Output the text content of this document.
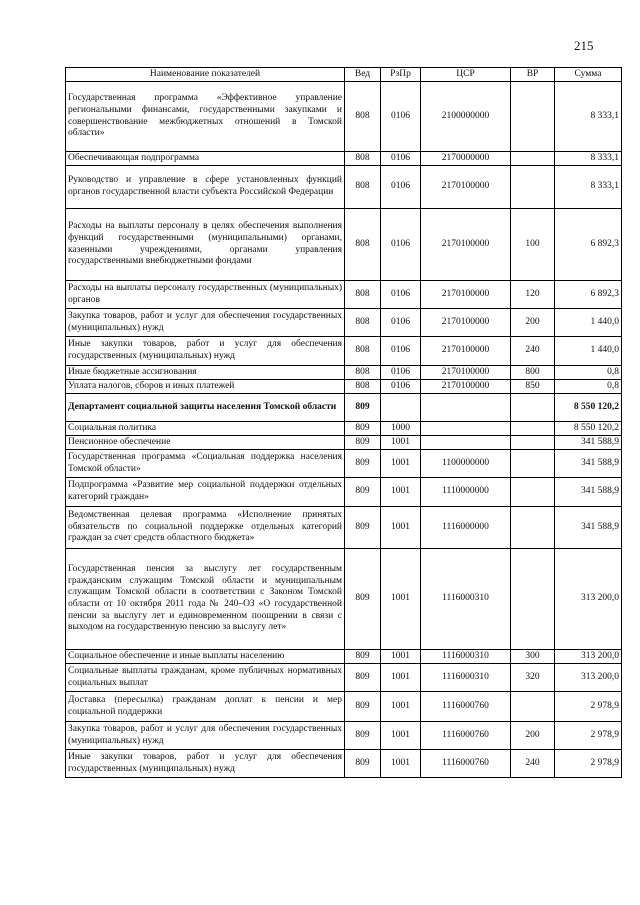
215
Наименование показателей	Вед	РзПр	ЦСР	ВР	Сумма
Государственная программа «Эффективное управление региональными финансами, государственными закупками и совершенствование межбюджетных отношений в Томской области»	808	0106	2100000000		8 333,1
Обеспечивающая подпрограмма	808	0106	2170000000		8 333,1
Руководство и управление в сфере установленных функций органов государственной власти субъекта Российской Федерации	808	0106	2170100000		8 333,1
Расходы на выплаты персоналу в целях обеспечения выполнения функций государственными (муниципальными) органами, казенными учреждениями, органами управления государственными внебюджетными фондами	808	0106	2170100000	100	6 892,3
Расходы на выплаты персоналу государственных (муниципальных) органов	808	0106	2170100000	120	6 892,3
Закупка товаров, работ и услуг для обеспечения государственных (муниципальных) нужд	808	0106	2170100000	200	1 440,0
Иные закупки товаров, работ и услуг для обеспечения государственных (муниципальных) нужд	808	0106	2170100000	240	1 440,0
Иные бюджетные ассигнования	808	0106	2170100000	800	0,8
Уплата налогов, сборов и иных платежей	808	0106	2170100000	850	0,8
Департамент социальной защиты населения Томской области	809				8 550 120,2
Социальная политика	809	1000			8 550 120,2
Пенсионное обеспечение	809	1001			341 588,9
Государственная программа «Социальная поддержка населения Томской области»	809	1001	1100000000		341 588,9
Подпрограмма «Развитие мер социальной поддержки отдельных категорий граждан»	809	1001	1110000000		341 588,9
Ведомственная целевая программа «Исполнение принятых обязательств по социальной поддержке отдельных категорий граждан за счет средств областного бюджета»	809	1001	1116000000		341 588,9
Государственная пенсия за выслугу лет государственным гражданским служащим Томской области и муниципальным служащим Томской области в соответствии с Законом Томской области от 10 октября 2011 года № 240–ОЗ «О государственной пенсии за выслугу лет и единовременном поощрении в связи с выходом на государственную пенсию за выслугу лет»	809	1001	1116000310		313 200,0
Социальное обеспечение и иные выплаты населению	809	1001	1116000310	300	313 200,0
Социальные выплаты гражданам, кроме публичных нормативных социальных выплат	809	1001	1116000310	320	313 200,0
Доставка (пересылка) гражданам доплат к пенсии и мер социальной поддержки	809	1001	1116000760		2 978,9
Закупка товаров, работ и услуг для обеспечения государственных (муниципальных) нужд	809	1001	1116000760	200	2 978,9
Иные закупки товаров, работ и услуг для обеспечения государственных (муниципальных) нужд	809	1001	1116000760	240	2 978,9
